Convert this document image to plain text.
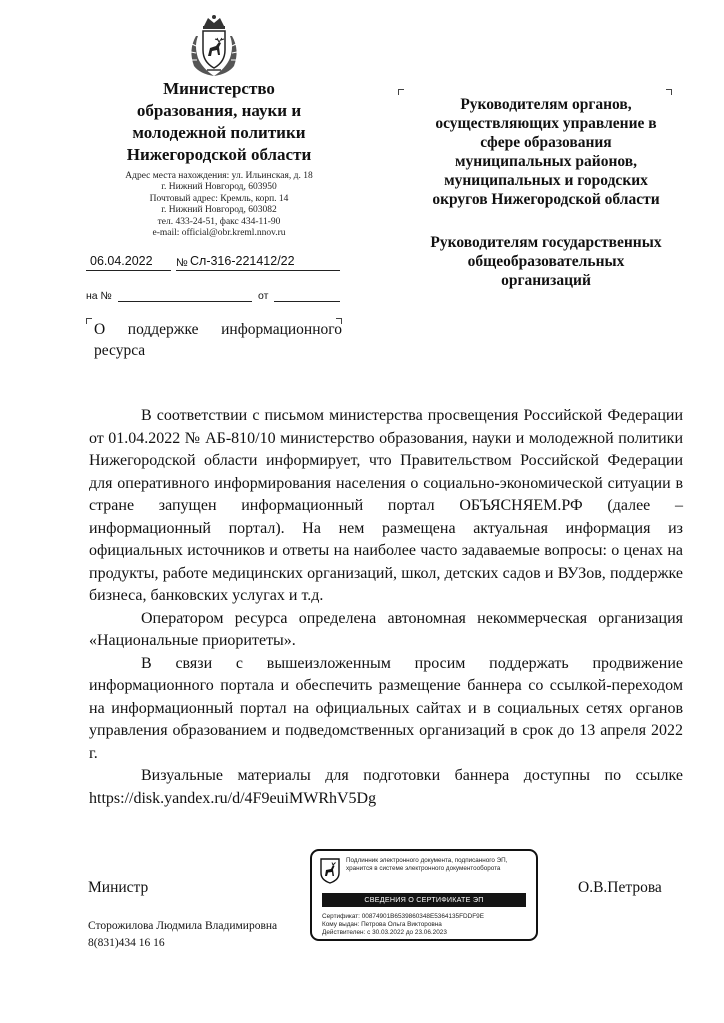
Министерство
образования, науки и
молодежной политики
Нижегородской области
Адрес места нахождения: ул. Ильинская, д. 18
г. Нижний Новгород, 603950
Почтовый адрес: Кремль, корп. 14
г. Нижний Новгород, 603082
тел. 433-24-51, факс 434-11-90
e-mail: official@obr.kreml.nnov.ru
06.04.2022 № Сл-316-221412/22
на №	от
Руководителям органов,
осуществляющих управление в
сфере образования
муниципальных районов,
муниципальных и городских
округов Нижегородской области
Руководителям государственных
общеобразовательных
организаций
О поддержке информационного ресурса

В соответствии с письмом министерства просвещения Российской Федерации от 01.04.2022 № АБ-810/10 министерство образования, науки и молодежной политики Нижегородской области информирует, что Правительством Российской Федерации для оперативного информирования населения о социально-экономической ситуации в стране запущен информационный портал ОБЪЯСНЯЕМ.РФ (далее – информационный портал). На нем размещена актуальная информация из официальных источников и ответы на наиболее часто задаваемые вопросы: о ценах на продукты, работе медицинских организаций, школ, детских садов и ВУЗов, поддержке бизнеса, банковских услугах и т.д.

Оператором ресурса определена автономная некоммерческая организация «Национальные приоритеты».

В связи с вышеизложенным просим поддержать продвижение информационного портала и обеспечить размещение баннера со ссылкой-переходом на информационный портал на официальных сайтах и в социальных сетях органов управления образованием и подведомственных организаций в срок до 13 апреля 2022 г.

Визуальные материалы для подготовки баннера доступны по ссылке https://disk.yandex.ru/d/4F9euiMWRhV5Dg

Министр	О.В.Петрова
Подлинник электронного документа, подписанного ЭП,
хранится в системе электронного документооборота
СВЕДЕНИЯ О СЕРТИФИКАТЕ ЭП
Сертификат: 00874901B6539860348E5364135FDDF9E
Кому выдан: Петрова Ольга Викторовна
Действителен: с 30.03.2022 до 23.06.2023
Сторожилова Людмила Владимировна
8(831)434 16 16
